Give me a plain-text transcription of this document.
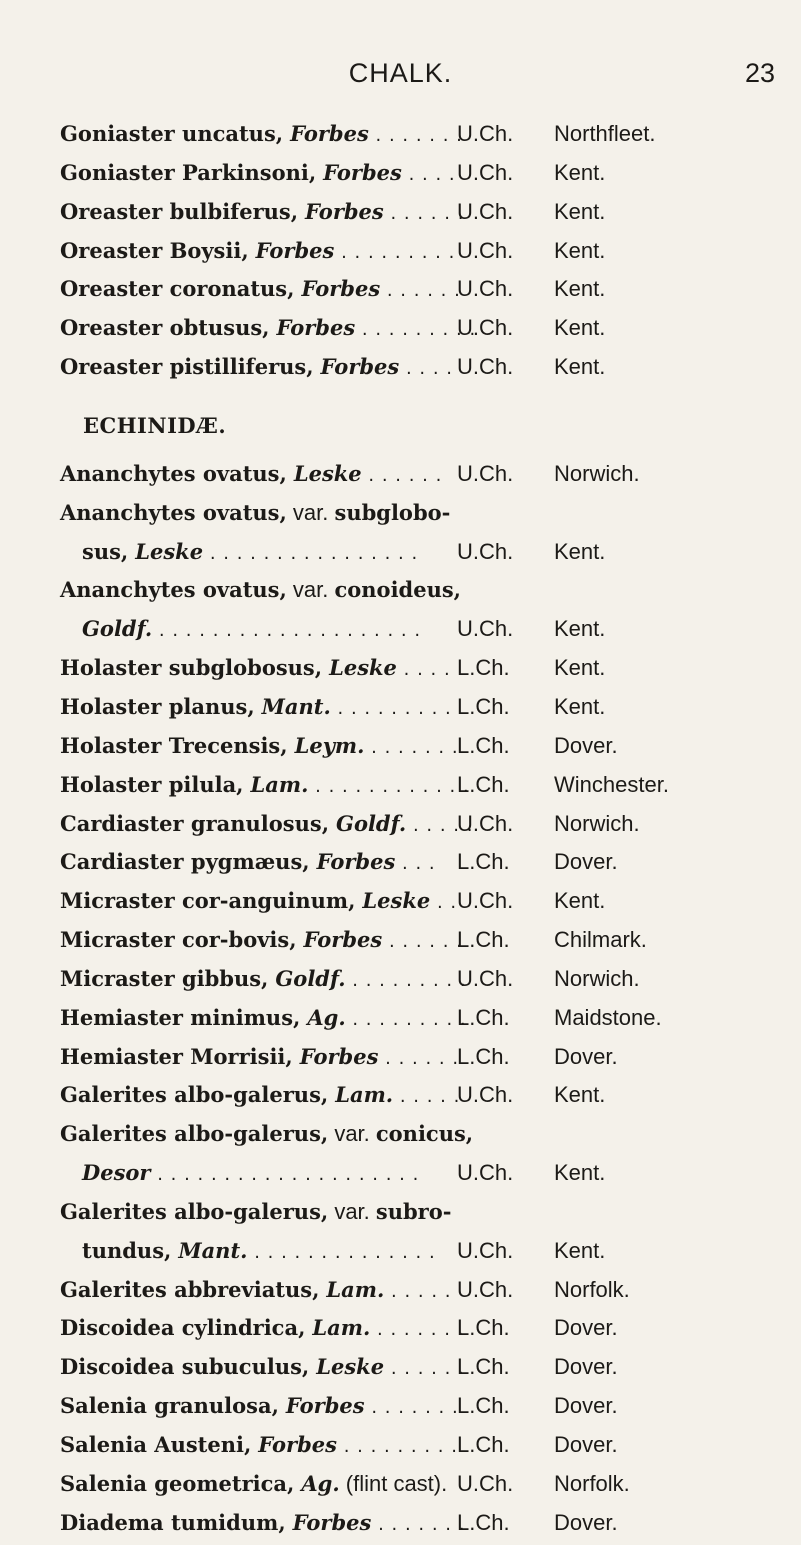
CHALK.	23
Goniaster uncatus, Forbes . . . . . . .
U.Ch. Northfleet.
Goniaster Parkinsoni, Forbes . . . . U.Ch. Kent.
Oreaster bulbiferus, Forbes . . . . . .
U.Ch. Kent.
Oreaster Boysii, Forbes . . . . . . . . . U.Ch. Kent.
Oreaster coronatus, Forbes . . . . . .
U.Ch. Kent.
Oreaster obtusus, Forbes . . . . . . . . .
U.Ch. Kent.
Oreaster pistilliferus, Forbes . . . . U.Ch. Kent.
ECHINIDÆ.
Ananchytes ovatus, Leske . . . . . . U.Ch. Norwich.
Ananchytes ovatus, var. subglobo-
sus, Leske . . . . . . . . . . . . . . . . U.Ch. Kent.
Ananchytes ovatus, var. conoideus,
Goldf. . . . . . . . . . . . . . . . . . . . . U.Ch. Kent.
Holaster subglobosus, Leske . . . . L.Ch. Kent.
Holaster planus, Mant. . . . . . . . . . L.Ch. Kent.
Holaster Trecensis, Leym. . . . . . . .
L.Ch. Dover.
Holaster pilula, Lam. . . . . . . . . . . . .
L.Ch. Winchester.
Cardiaster granulosus, Goldf. . . . . .
U.Ch. Norwich.
Cardiaster pygmæus, Forbes . . . L.Ch. Dover.
Micraster cor-anguinum, Leske . . U.Ch. Kent.
Micraster cor-bovis, Forbes . . . . . .
L.Ch. Chilmark.
Micraster gibbus, Goldf. . . . . . . . . .
U.Ch. Norwich.
Hemiaster minimus, Ag. . . . . . . . . .
L.Ch. Maidstone.
Hemiaster Morrisii, Forbes . . . . . .
L.Ch. Dover.
Galerites albo-galerus, Lam. . . . . .
U.Ch. Kent.
Galerites albo-galerus, var. conicus,
Desor . . . . . . . . . . . . . . . . . . . . U.Ch. Kent.
Galerites albo-galerus, var. subro-
tundus, Mant. . . . . . . . . . . . . . . U.Ch. Kent.
Galerites abbreviatus, Lam. . . . . . U.Ch. Norfolk.
Discoidea cylindrica, Lam. . . . . . . .
L.Ch. Dover.
Discoidea subuculus, Leske . . . . . .
L.Ch. Dover.
Salenia granulosa, Forbes . . . . . . .
L.Ch. Dover.
Salenia Austeni, Forbes . . . . . . . . . L.Ch. Dover.
Salenia geometrica, Ag. (flint cast). U.Ch. Norfolk.
Diadema tumidum, Forbes . . . . . . .
L.Ch. Dover.
